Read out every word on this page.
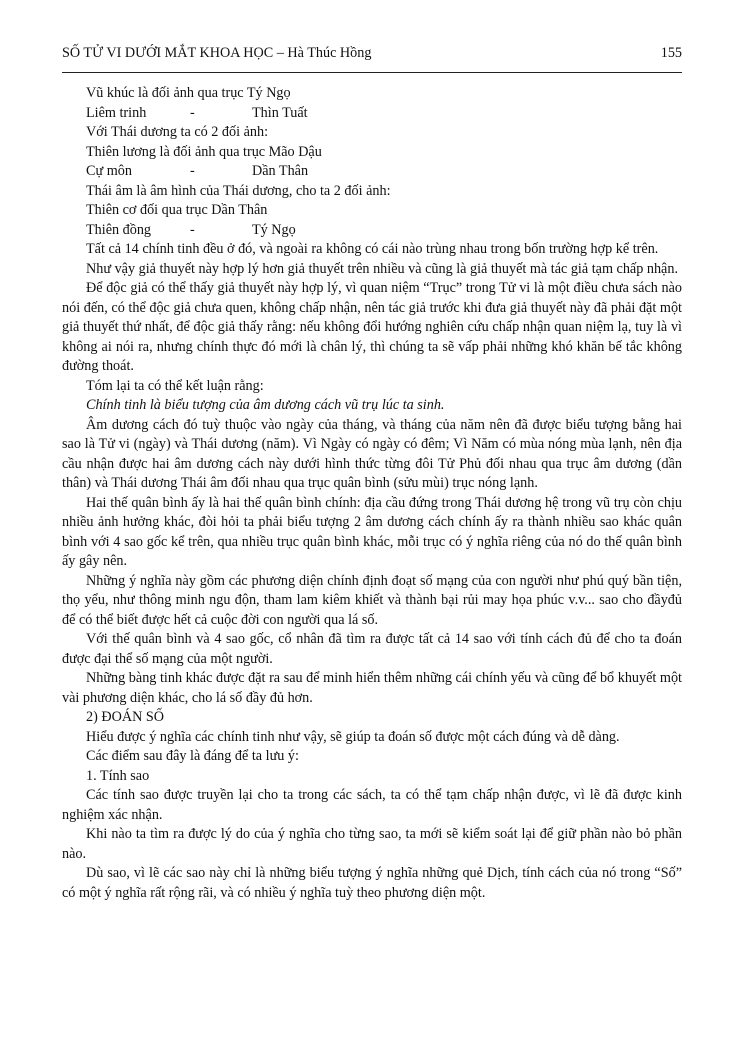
SỐ TỬ VI DƯỚI MẮT KHOA HỌC – Hà Thúc Hồng	155

Vũ khúc là đối ảnh qua trục Tý Ngọ

Liêm trinh	-	Thìn Tuất

Với Thái dương ta có 2 đối ảnh:

Thiên lương là đối ảnh qua trục Mão Dậu

Cự môn	-	Dần Thân

Thái âm là âm hình của Thái dương, cho ta 2 đối ảnh:

Thiên cơ đối qua trục Dần Thân

Thiên đồng	-	Tý Ngọ

Tất cả 14 chính tinh đều ở đó, và ngoài ra không có cái nào trùng nhau trong bốn trường hợp kể trên.

Như vậy giả thuyết này hợp lý hơn giả thuyết trên nhiều và cũng là giả thuyết mà tác giả tạm chấp nhận.

Để độc giả có thể thấy giả thuyết này hợp lý, vì quan niệm “Trục” trong Tử vi là một điều chưa sách nào nói đến, có thể độc giả chưa quen, không chấp nhận, nên tác giả trước khi đưa giả thuyết này đã phải đặt một giả thuyết thứ nhất, để độc giả thấy rằng: nếu không đổi hướng nghiên cứu chấp nhận quan niệm lạ, tuy là vì không ai nói ra, nhưng chính thực đó mới là chân lý, thì chúng ta sẽ vấp phải những khó khăn bế tắc không đường thoát.

Tóm lại ta có thể kết luận rằng:

Chính tinh là biểu tượng của âm dương cách vũ trụ lúc ta sinh.

Âm dương cách đó tuỳ thuộc vào ngày của tháng, và tháng của năm nên đã được biểu tượng bằng hai sao là Tử vi (ngày) và Thái dương (năm). Vì Ngày có ngày có đêm; Vì Năm có mùa nóng mùa lạnh, nên địa cầu nhận được hai âm dương cách này dưới hình thức từng đôi Tử Phủ đối nhau qua trục âm dương (dần thân) và Thái dương Thái âm đối nhau qua trục quân bình (sửu mùi) trục nóng lạnh.

Hai thế quân bình ấy là hai thế quân bình chính: địa cầu đứng trong Thái dương hệ trong vũ trụ còn chịu nhiều ảnh hưởng khác, đòi hỏi ta phải biểu tượng 2 âm dương cách chính ấy ra thành nhiều sao khác quân bình với 4 sao gốc kể trên, qua nhiều trục quân bình khác, mỗi trục có ý nghĩa riêng của nó do thế quân bình ấy gây nên.

Những ý nghĩa này gồm các phương diện chính định đoạt số mạng của con người như phú quý bần tiện, thọ yểu, như thông minh ngu độn, tham lam kiêm khiết và thành bại rủi may họa phúc v.v... sao cho đầyđủ để có thể biết được hết cả cuộc đời con người qua lá số.

Với thế quân bình và 4 sao gốc, cổ nhân đã tìm ra được tất cả 14 sao với tính cách đủ để cho ta đoán được đại thể số mạng của một người.

Những bàng tinh khác được đặt ra sau để minh hiển thêm những cái chính yếu và cũng để bổ khuyết một vài phương diện khác, cho lá số đầy đủ hơn.

2) ĐOÁN SỐ

Hiểu được ý nghĩa các chính tinh như vậy, sẽ giúp ta đoán số được một cách đúng và dễ dàng.

Các điểm sau đây là đáng để ta lưu ý:

1. Tính sao

Các tính sao được truyền lại cho ta trong các sách, ta có thể tạm chấp nhận được, vì lẽ đã được kinh nghiệm xác nhận.

Khi nào ta tìm ra được lý do của ý nghĩa cho từng sao, ta mới sẽ kiểm soát lại để giữ phần nào bỏ phần nào.

Dù sao, vì lẽ các sao này chỉ là những biểu tượng ý nghĩa những quẻ Dịch, tính cách của nó trong “Số” có một ý nghĩa rất rộng rãi, và có nhiều ý nghĩa tuỳ theo phương diện một.
